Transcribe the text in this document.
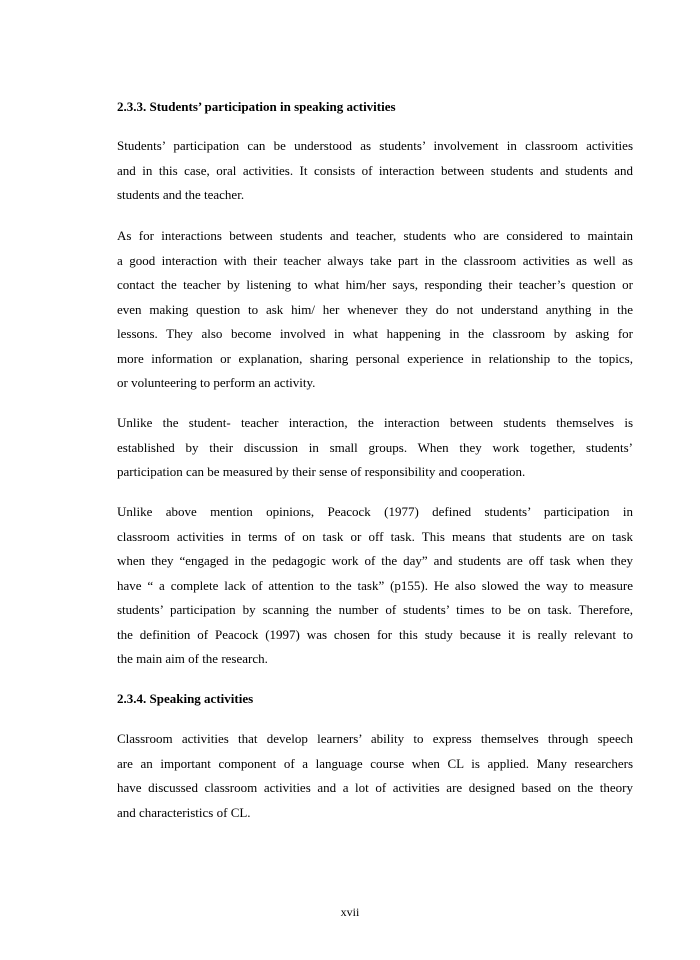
2.3.3. Students’ participation in speaking activities
Students’ participation can be understood as students’ involvement in classroom activities
and in this case, oral activities. It consists of interaction between students and students and
students and the teacher.
As for interactions between students and teacher, students who are considered to maintain
a good interaction with their teacher always take part in the classroom activities as well as
contact the teacher by listening to what him/her says, responding their teacher’s question or
even making question to ask him/ her whenever they do not understand anything in the
lessons. They also become involved in what happening in the classroom by asking for
more information or explanation, sharing personal experience in relationship to the topics,
or volunteering to perform an activity.
Unlike the student- teacher interaction, the interaction between students themselves is
established by their discussion in small groups. When they work together, students’
participation can be measured by their sense of responsibility and cooperation.
Unlike above mention opinions, Peacock (1977) defined students’ participation in
classroom activities in terms of on task or off task. This means that students are on task
when they “engaged in the pedagogic work of the day” and students are off task when they
have “ a complete lack of attention to the task” (p155). He also slowed the way to measure
students’ participation by scanning the number of students’ times to be on task. Therefore,
the definition of Peacock (1997) was chosen for this study because it is really relevant to
the main aim of the research.
2.3.4. Speaking activities
Classroom activities that develop learners’ ability to express themselves through speech
are an important component of a language course when CL is applied. Many researchers
have discussed classroom activities and a lot of activities are designed based on the theory
and characteristics of CL.
xvii
